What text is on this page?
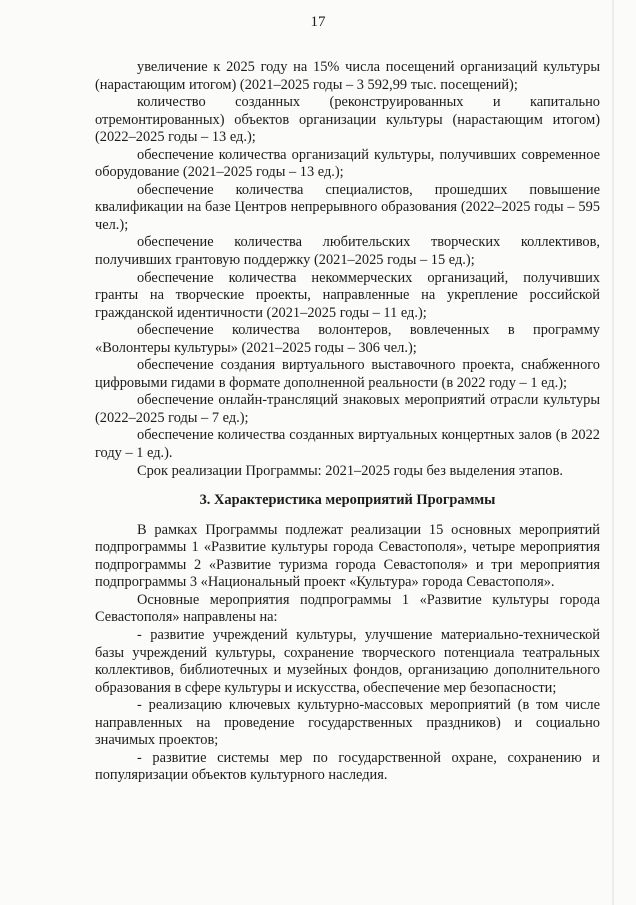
17

увеличение к 2025 году на 15% числа посещений организаций культуры (нарастающим итогом) (2021–2025 годы – 3 592,99 тыс. посещений);

количество созданных (реконструированных и капитально отремонтированных) объектов организации культуры (нарастающим итогом) (2022–2025 годы – 13 ед.);

обеспечение количества организаций культуры, получивших современное оборудование (2021–2025 годы – 13 ед.);

обеспечение количества специалистов, прошедших повышение квалификации на базе Центров непрерывного образования (2022–2025 годы – 595 чел.);

обеспечение количества любительских творческих коллективов, получивших грантовую поддержку (2021–2025 годы – 15 ед.);

обеспечение количества некоммерческих организаций, получивших гранты на творческие проекты, направленные на укрепление российской гражданской идентичности (2021–2025 годы – 11 ед.);

обеспечение количества волонтеров, вовлеченных в программу «Волонтеры культуры» (2021–2025 годы – 306 чел.);

обеспечение создания виртуального выставочного проекта, снабженного цифровыми гидами в формате дополненной реальности (в 2022 году – 1 ед.);

обеспечение онлайн-трансляций знаковых мероприятий отрасли культуры (2022–2025 годы – 7 ед.);

обеспечение количества созданных виртуальных концертных залов (в 2022 году – 1 ед.).

Срок реализации Программы: 2021–2025 годы без выделения этапов.

3. Характеристика мероприятий Программы

В рамках Программы подлежат реализации 15 основных мероприятий подпрограммы 1 «Развитие культуры города Севастополя», четыре мероприятия подпрограммы 2 «Развитие туризма города Севастополя» и три мероприятия подпрограммы 3 «Национальный проект «Культура» города Севастополя».

Основные мероприятия подпрограммы 1 «Развитие культуры города Севастополя» направлены на:

- развитие учреждений культуры, улучшение материально-технической базы учреждений культуры, сохранение творческого потенциала театральных коллективов, библиотечных и музейных фондов, организацию дополнительного образования в сфере культуры и искусства, обеспечение мер безопасности;

- реализацию ключевых культурно-массовых мероприятий (в том числе направленных на проведение государственных праздников) и социально значимых проектов;

- развитие системы мер по государственной охране, сохранению и популяризации объектов культурного наследия.
